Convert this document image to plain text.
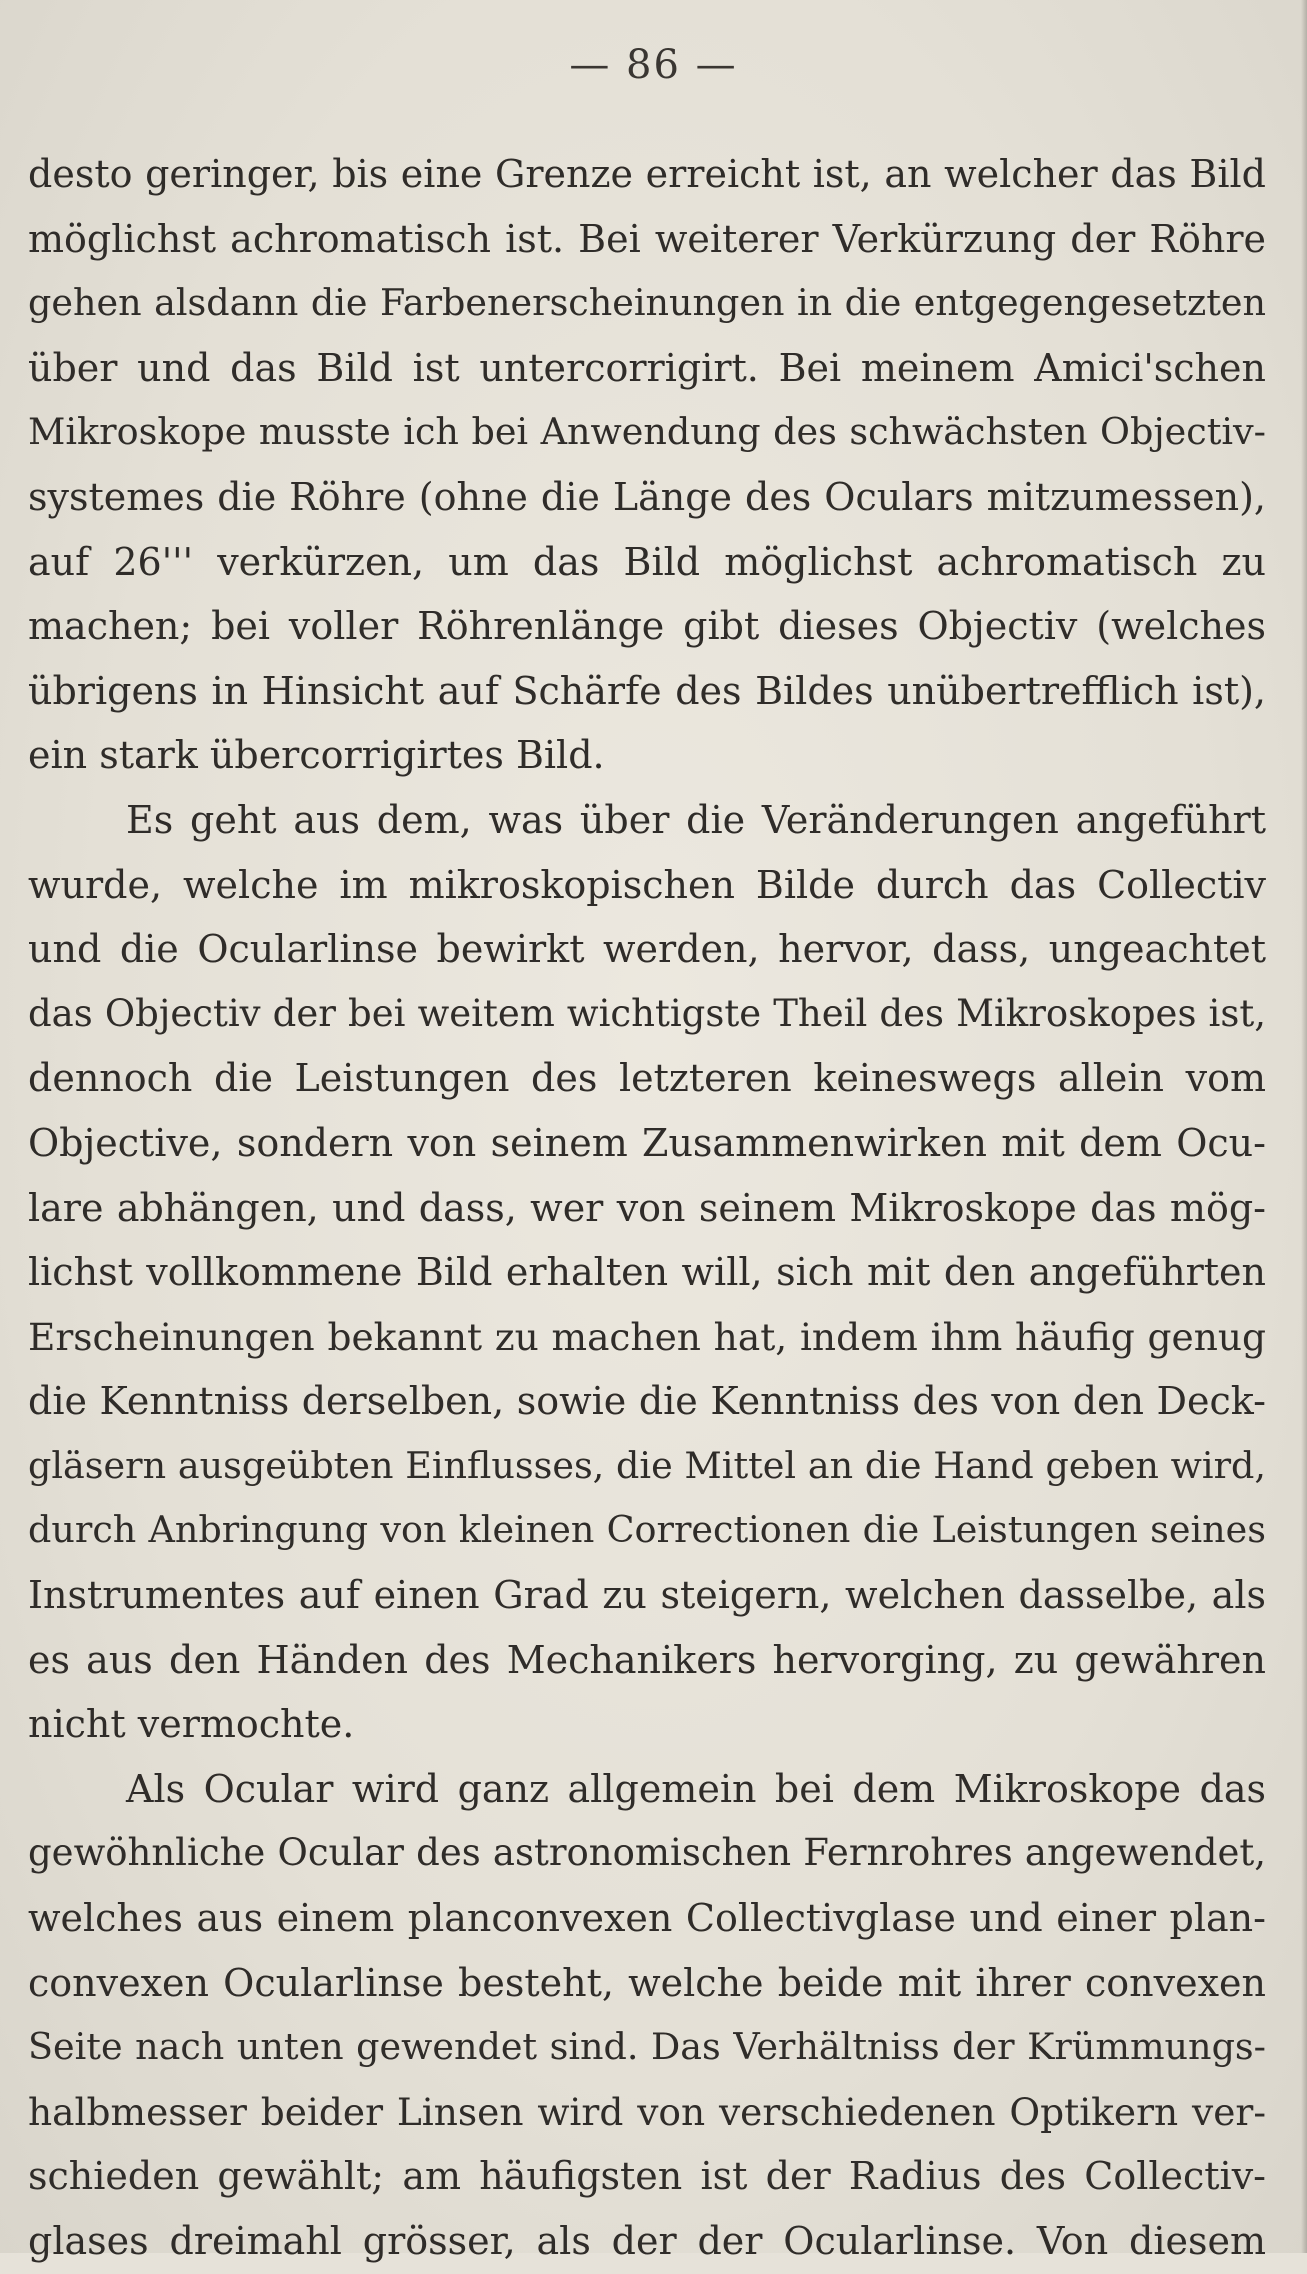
— 86 —
desto geringer, bis eine Grenze erreicht ist, an welcher das Bild
möglichst achromatisch ist. Bei weiterer Verkürzung der Röhre
gehen alsdann die Farbenerscheinungen in die entgegengesetzten
über und das Bild ist untercorrigirt. Bei meinem Amici'schen
Mikroskope musste ich bei Anwendung des schwächsten Objectiv-
systemes die Röhre (ohne die Länge des Oculars mitzumessen),
auf 26''' verkürzen, um das Bild möglichst achromatisch zu
machen; bei voller Röhrenlänge gibt dieses Objectiv (welches
übrigens in Hinsicht auf Schärfe des Bildes unübertrefflich ist),
ein stark übercorrigirtes Bild.
Es geht aus dem, was über die Veränderungen angeführt
wurde, welche im mikroskopischen Bilde durch das Collectiv
und die Ocularlinse bewirkt werden, hervor, dass, ungeachtet
das Objectiv der bei weitem wichtigste Theil des Mikroskopes ist,
dennoch die Leistungen des letzteren keineswegs allein vom
Objective, sondern von seinem Zusammenwirken mit dem Ocu-
lare abhängen, und dass, wer von seinem Mikroskope das mög-
lichst vollkommene Bild erhalten will, sich mit den angeführten
Erscheinungen bekannt zu machen hat, indem ihm häufig genug
die Kenntniss derselben, sowie die Kenntniss des von den Deck-
gläsern ausgeübten Einflusses, die Mittel an die Hand geben wird,
durch Anbringung von kleinen Correctionen die Leistungen seines
Instrumentes auf einen Grad zu steigern, welchen dasselbe, als
es aus den Händen des Mechanikers hervorging, zu gewähren
nicht vermochte.
Als Ocular wird ganz allgemein bei dem Mikroskope das
gewöhnliche Ocular des astronomischen Fernrohres angewendet,
welches aus einem planconvexen Collectivglase und einer plan-
convexen Ocularlinse besteht, welche beide mit ihrer convexen
Seite nach unten gewendet sind. Das Verhältniss der Krümmungs-
halbmesser beider Linsen wird von verschiedenen Optikern ver-
schieden gewählt; am häufigsten ist der Radius des Collectiv-
glases dreimahl grösser, als der der Ocularlinse. Von diesem
